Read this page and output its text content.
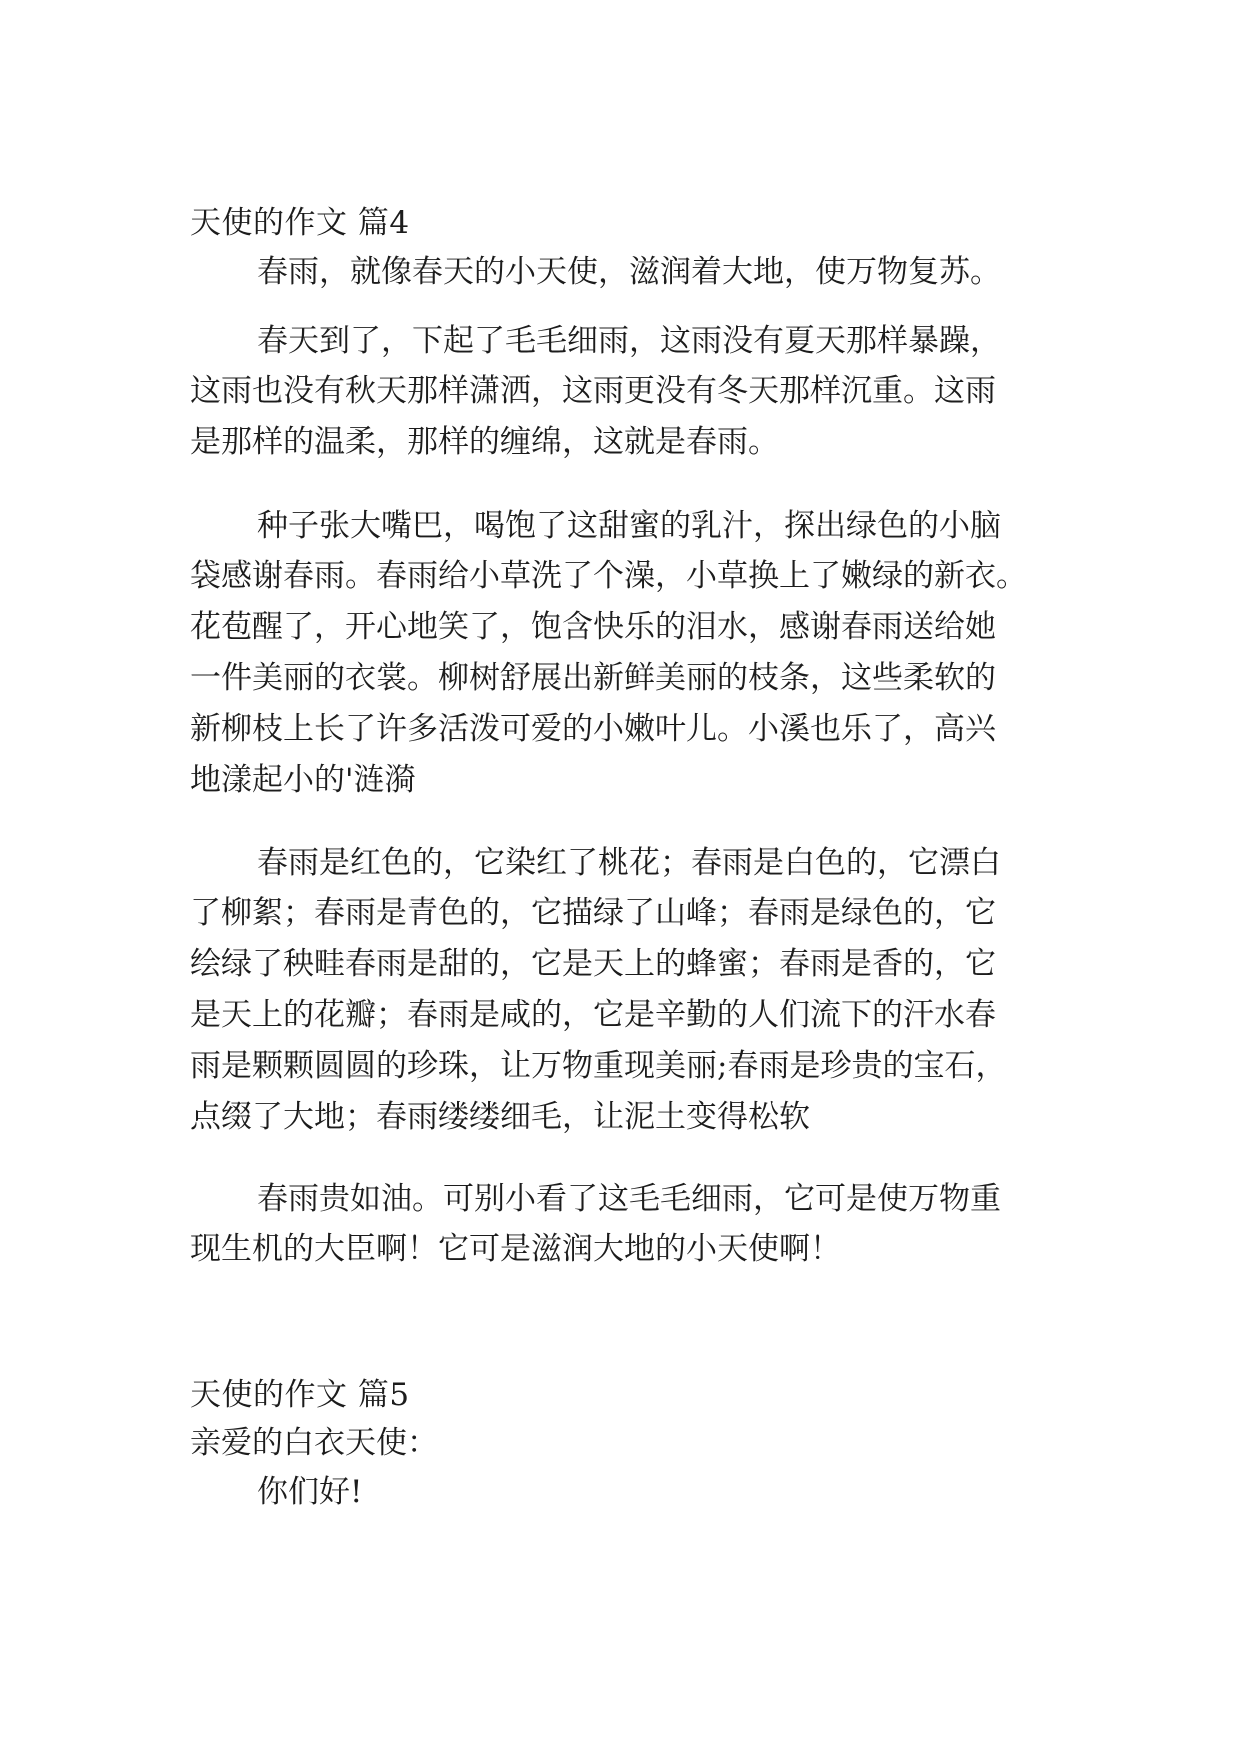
天使的作文 篇4
春雨，就像春天的小天使，滋润着大地，使万物复苏。
春天到了，下起了毛毛细雨，这雨没有夏天那样暴躁，
这雨也没有秋天那样潇洒，这雨更没有冬天那样沉重。这雨
是那样的温柔，那样的缠绵，这就是春雨。
种子张大嘴巴，喝饱了这甜蜜的乳汁，探出绿色的小脑
袋感谢春雨。春雨给小草洗了个澡，小草换上了嫩绿的新衣。
花苞醒了，开心地笑了，饱含快乐的泪水，感谢春雨送给她
一件美丽的衣裳。柳树舒展出新鲜美丽的枝条，这些柔软的
新柳枝上长了许多活泼可爱的小嫩叶儿。小溪也乐了，高兴
地漾起小的'涟漪
春雨是红色的，它染红了桃花；春雨是白色的，它漂白
了柳絮；春雨是青色的，它描绿了山峰；春雨是绿色的，它
绘绿了秧畦春雨是甜的，它是天上的蜂蜜；春雨是香的，它
是天上的花瓣；春雨是咸的，它是辛勤的人们流下的汗水春
雨是颗颗圆圆的珍珠，让万物重现美丽;春雨是珍贵的宝石，
点缀了大地；春雨缕缕细毛，让泥土变得松软
春雨贵如油。可别小看了这毛毛细雨，它可是使万物重
现生机的大臣啊！它可是滋润大地的小天使啊！
天使的作文 篇5
亲爱的白衣天使：
你们好!
